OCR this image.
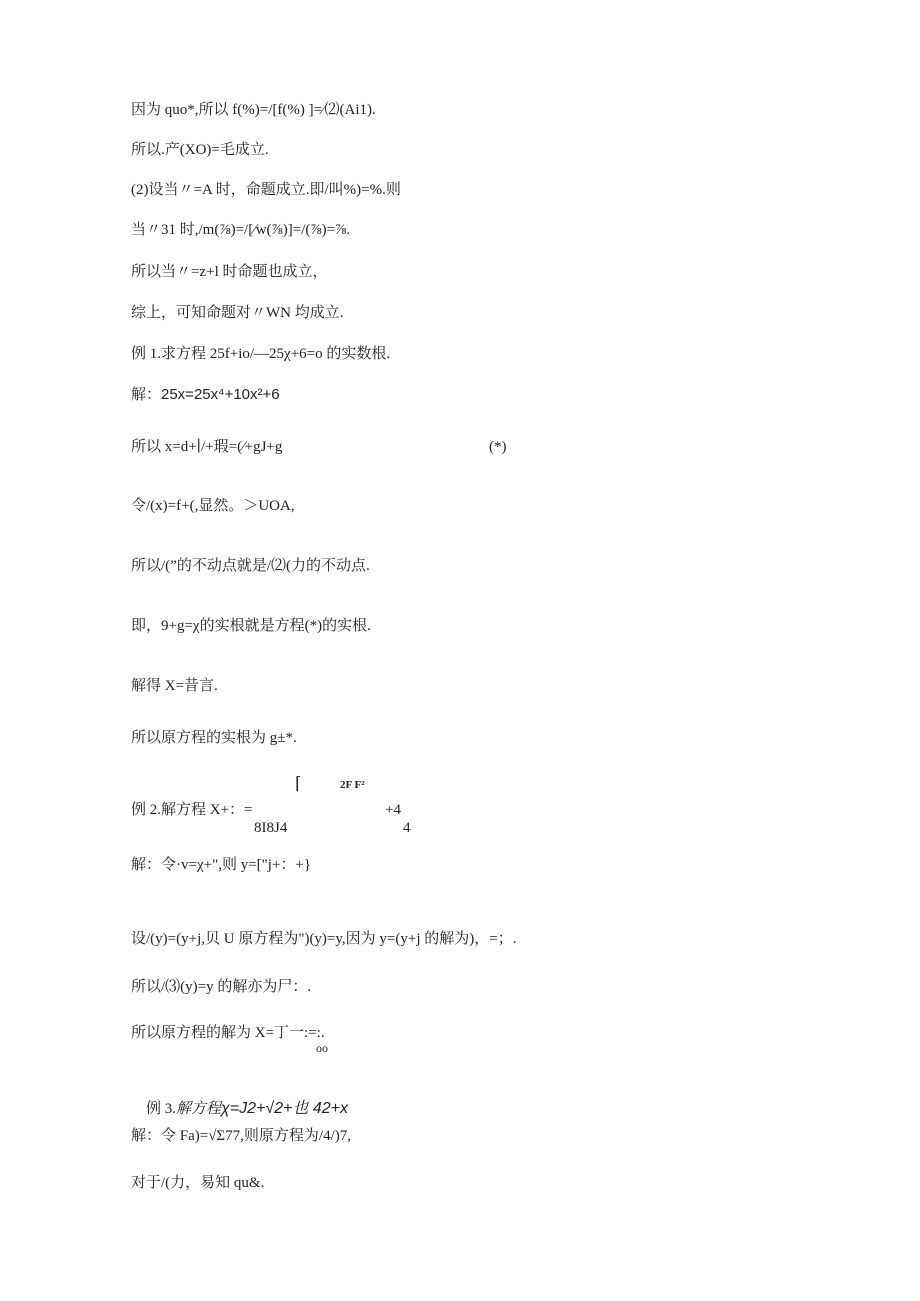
因为 quo*,所以 f(%)=/[f(%) ]=⁄⑵(Ai1).
所以.产(XO)=毛成立.
(2)设当〃=A 时，命题成立.即/叫%)=%.则
当〃31 时,/m(⅞)=/[∕w(⅞)]=/(⅞)=⅞.
所以当〃=z+l 时命题也成立，
综上，可知命题对〃WN 均成立.
例 1.求方程 25f+io/—25χ+6=o 的实数根.
解：25x=25x⁴+10x²+6
所以 x=d+∣/+瑕=(⁄+gJ+g	(*)
令/(x)=f+(,显然。＞UOA,
所以/(”的不动点就是/⑵(力的不动点.
即，9+g=χ的实根就是方程(*)的实根.
解得 X=昔言.
所以原方程的实根为 g±*.
⌈	2F F²
例 2.解方程 X+：=	+4
8I8J4	4
解：令·v=χ+",则 y=["j+：+}
设/(y)=(y+j,贝 U 原方程为")(y)=y,因为 y=(y+j 的解为)，=；.
所以/⑶(y)=y 的解亦为尸：.
所以原方程的解为 X=丁一:=:.
oo

例 3.解方程χ=J2+√2+也 42+x

解：令 Fa)=√Σ77,则原方程为/4/)7,
对于/(力，易知 qu&.
